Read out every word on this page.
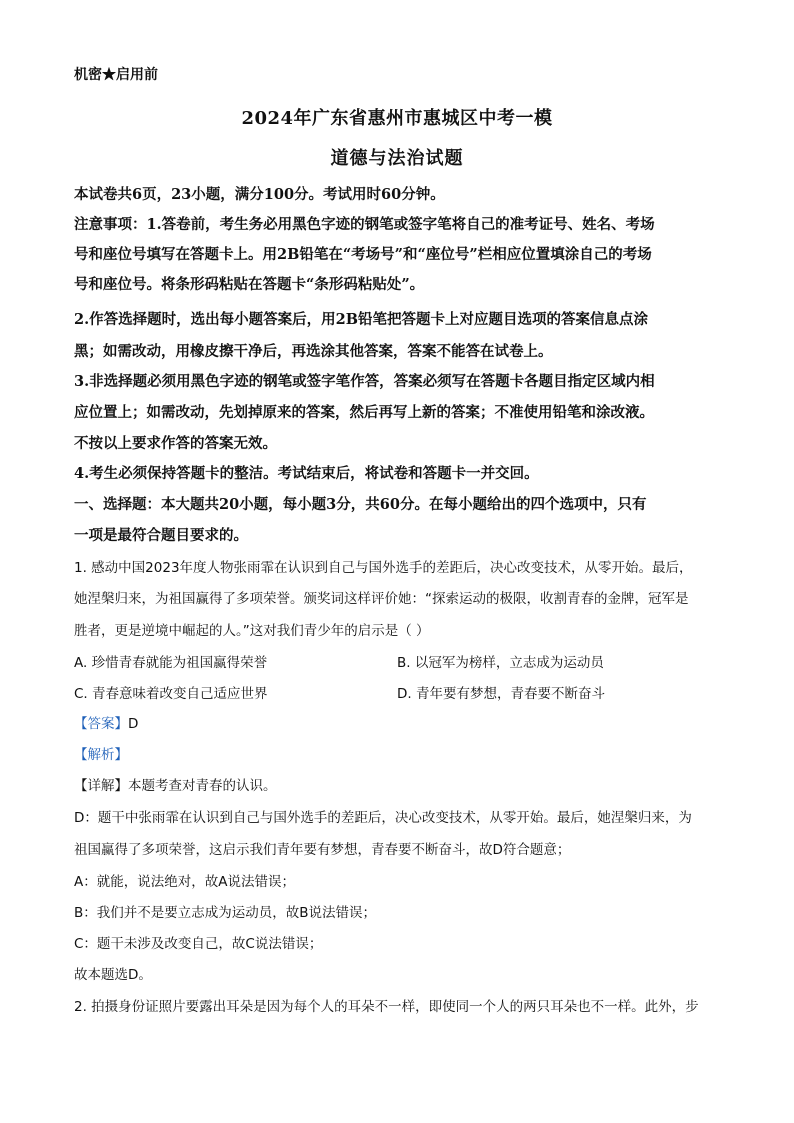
机密★启用前
2024年广东省惠州市惠城区中考一模
道德与法治试题
本试卷共6页，23小题，满分100分。考试用时60分钟。
注意事项：1.答卷前，考生务必用黑色字迹的钢笔或签字笔将自己的准考证号、姓名、考场
号和座位号填写在答题卡上。用2B铅笔在“考场号”和“座位号”栏相应位置填涂自己的考场
号和座位号。将条形码粘贴在答题卡“条形码粘贴处”。
2.作答选择题时，选出每小题答案后，用2B铅笔把答题卡上对应题目选项的答案信息点涂
黑；如需改动，用橡皮擦干净后，再选涂其他答案，答案不能答在试卷上。
3.非选择题必须用黑色字迹的钢笔或签字笔作答，答案必须写在答题卡各题目指定区域内相
应位置上；如需改动，先划掉原来的答案，然后再写上新的答案；不准使用铅笔和涂改液。
不按以上要求作答的答案无效。
4.考生必须保持答题卡的整洁。考试结束后，将试卷和答题卡一并交回。
一、选择题：本大题共20小题，每小题3分，共60分。在每小题给出的四个选项中，只有
一项是最符合题目要求的。
1. 感动中国2023年度人物张雨霏在认识到自己与国外选手的差距后，决心改变技术，从零开始。最后，
她涅槃归来，为祖国赢得了多项荣誉。颁奖词这样评价她：“探索运动的极限，收割青春的金牌，冠军是
胜者，更是逆境中崛起的人。”这对我们青少年的启示是（ ）
A. 珍惜青春就能为祖国赢得荣誉	B. 以冠军为榜样，立志成为运动员
C. 青春意味着改变自己适应世界	D. 青年要有梦想，青春要不断奋斗
【答案】D
【解析】
【详解】本题考查对青春的认识。
D：题干中张雨霏在认识到自己与国外选手的差距后，决心改变技术，从零开始。最后，她涅槃归来，为
祖国赢得了多项荣誉，这启示我们青年要有梦想，青春要不断奋斗，故D符合题意；
A：就能，说法绝对，故A说法错误；
B：我们并不是要立志成为运动员，故B说法错误；
C：题干未涉及改变自己，故C说法错误；
故本题选D。
2. 拍摄身份证照片要露出耳朵是因为每个人的耳朵不一样，即使同一个人的两只耳朵也不一样。此外，步
